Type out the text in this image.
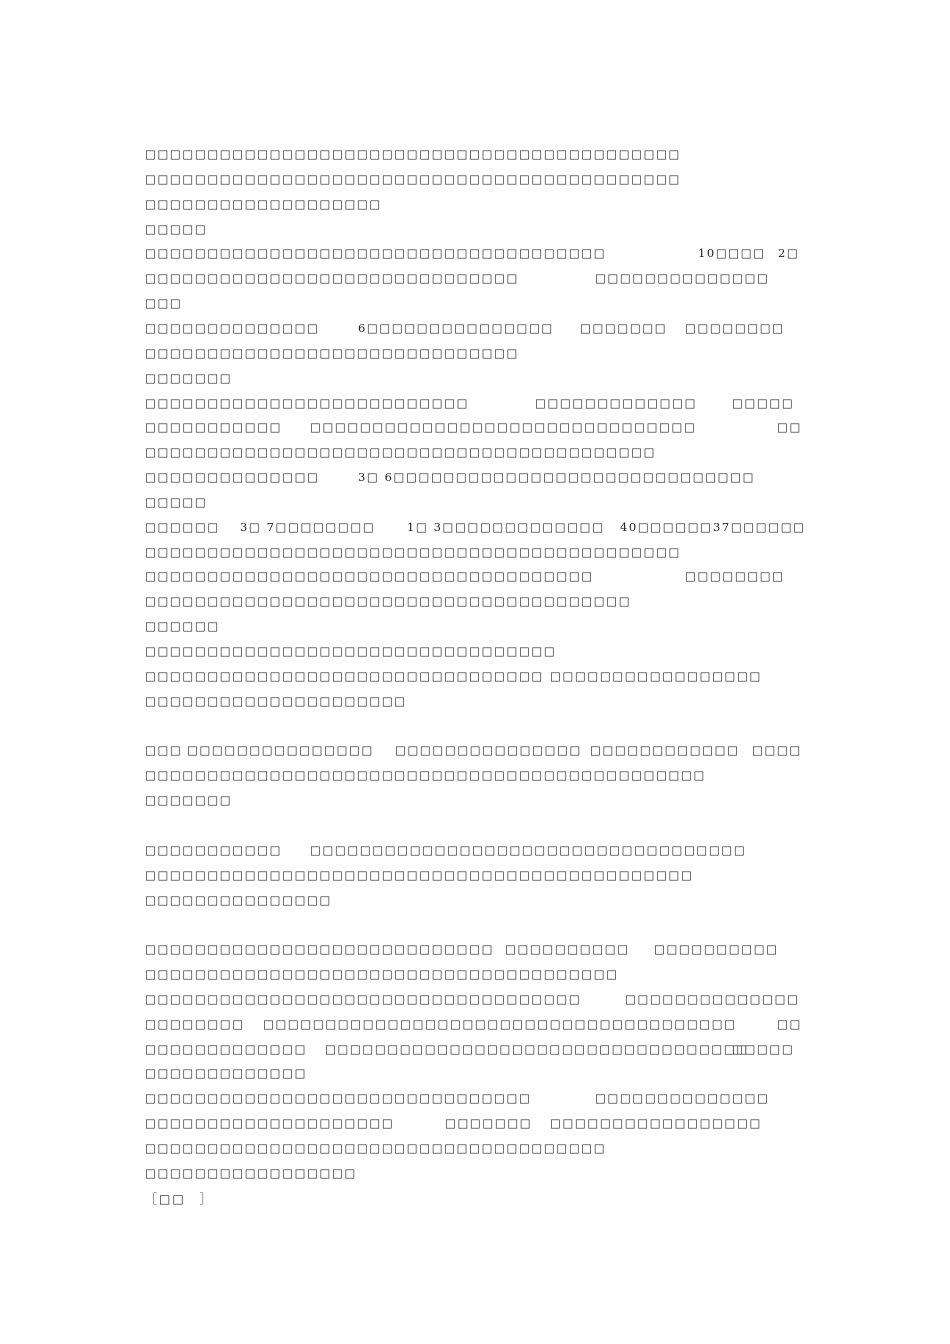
□□□□□□□□□□□□□□□□□□□□□□□□□□□□□□□□□□□□□□□□□□□
□□□□□□□□□□□□□□□□□□□□□□□□□□□□□□□□□□□□□□□□□□□
□□□□□□□□□□□□□□□□□□□
□□□□□
□□□□□□□□□□□□□□□□□□□□□□□□□□□□□□□□□□□□□	10□□□□ 2□
□□□□□□□□□□□□□□□□□□□□□□□□□□□□□□	□□□□□□□□□□□□□□
□□□
□□□□□□□□□□□□□□	6□□□□□□□□□□□□□□□ □□□□□□□ □□□□□□□□
□□□□□□□□□□□□□□□□□□□□□□□□□□□□□□
□□□□□□□
□□□□□□□□□□□□□□□□□□□□□□□□□□	□□□□□□□□□□□□□	□□□□□
□□□□□□□□□□□ □□□□□□□□□□□□□□□□□□□□□□□□□□□□□□□	□□
□□□□□□□□□□□□□□□□□□□□□□□□□□□□□□□□□□□□□□□□□
□□□□□□□□□□□□□□	3□ 6□□□□□□□□□□□□□□□□□□□□□□□□□□□□□
□□□□□
□□□□□□ 3□ 7□□□□□□□□	1□ 3□□□□□□□□□□□□□ 40□□□□□□ 37□□□□□□
□□□□□□□□□□□□□□□□□□□□□□□□□□□□□□□□□□□□□□□□□□□
□□□□□□□□□□□□□□□□□□□□□□□□□□□□□□□□□□□□	□□□□□□□□
□□□□□□□□□□□□□□□□□□□□□□□□□□□□□□□□□□□□□□□
□□□□□□
□□□□□□□□□□□□□□□□□□□□□□□□□□□□□□□□□
□□□□□□□□□□□□□□□□□□□□□□□□□□□□□□□□ □□□□□□□□□□□□□□□□□
□□□□□□□□□□□□□□□□□□□□□
□□□ □□□□□□□□□□□□□□□ □□□□□□□□□□□□□□□ □□□□□□□□□□□□ □□□□
□□□□□□□□□□□□□□□□□□□□□□□□□□□□□□□□□□□□□□□□□□□□□
□□□□□□□
□□□□□□□□□□□ □□□□□□□□□□□□□□□□□□□□□□□□□□□□□□□□□□□
□□□□□□□□□□□□□□□□□□□□□□□□□□□□□□□□□□□□□□□□□□□□
□□□□□□□□□□□□□□□
□□□□□□□□□□□□□□□□□□□□□□□□□□□□ □□□□□□□□□□ □□□□□□□□□□
□□□□□□□□□□□□□□□□□□□□□□□□□□□□□□□□□□□□□□
□□□□□□□□□□□□□□□□□□□□□□□□□□□□□□□□□□□	□□□□□□□□□□□□□□
□□□□□□□□ □□□□□□□□□□□□□□□□□□□□□□□□□□□□□□□□□□□□□□	□□
□□□□□□□□□□□□□ □□□□□□□□□□□□□□□□□□□□□□□□□□□□□□□□□□
□□□□□
□□□□□□□□□□□□□
□□□□□□□□□□□□□□□□□□□□□□□□□□□□□□□	□□□□□□□□□□□□□□
□□□□□□□□□□□□□□□□□□□□	□□□□□□□ □□□□□□□□□□□□□□□□□
□□□□□□□□□□□□□□□□□□□□□□□□□□□□□□□□□□□□□
□□□□□□□□□□□□□□□□□
［□□　］
